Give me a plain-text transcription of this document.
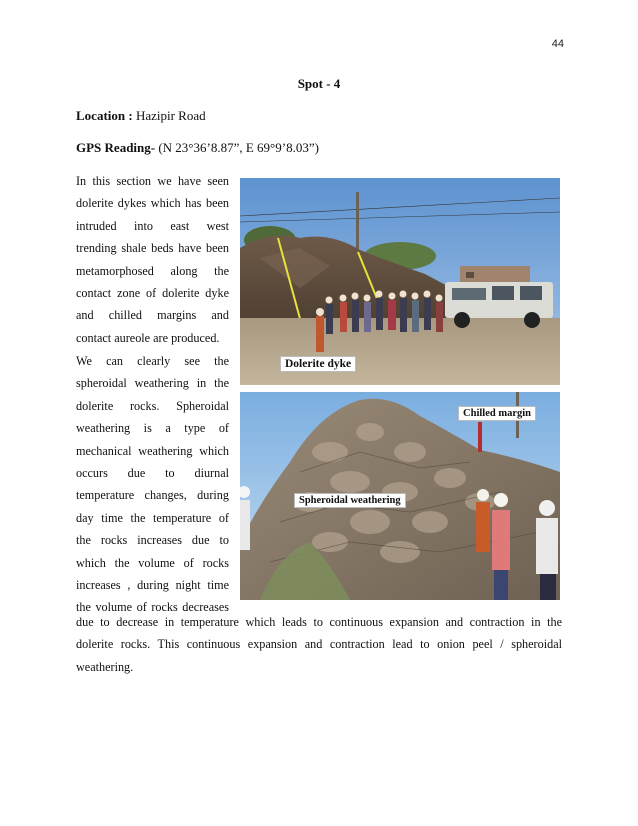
44
Spot - 4
Location : Hazipir Road
GPS Reading- (N 23°36’8.87”, E 69°9’8.03”)
In this section we have seen
dolerite dykes which has been
intruded into east west
trending shale beds have been
metamorphosed along the
contact zone of dolerite dyke
and chilled margins and
contact aureole are produced.
We can clearly see the
spheroidal weathering in the
dolerite rocks. Spheroidal
weathering is a type of
mechanical weathering which
occurs due to diurnal
temperature changes, during
day time the temperature of
the rocks increases due to
which the volume of rocks
increases , during night time
the volume of rocks decreases
due to decrease in temperature which leads to continuous expansion and contraction in the
dolerite rocks. This continuous expansion and contraction lead to onion peel / spheroidal
weathering.
Dolerite dyke
Chilled margin
Spheroidal weathering
